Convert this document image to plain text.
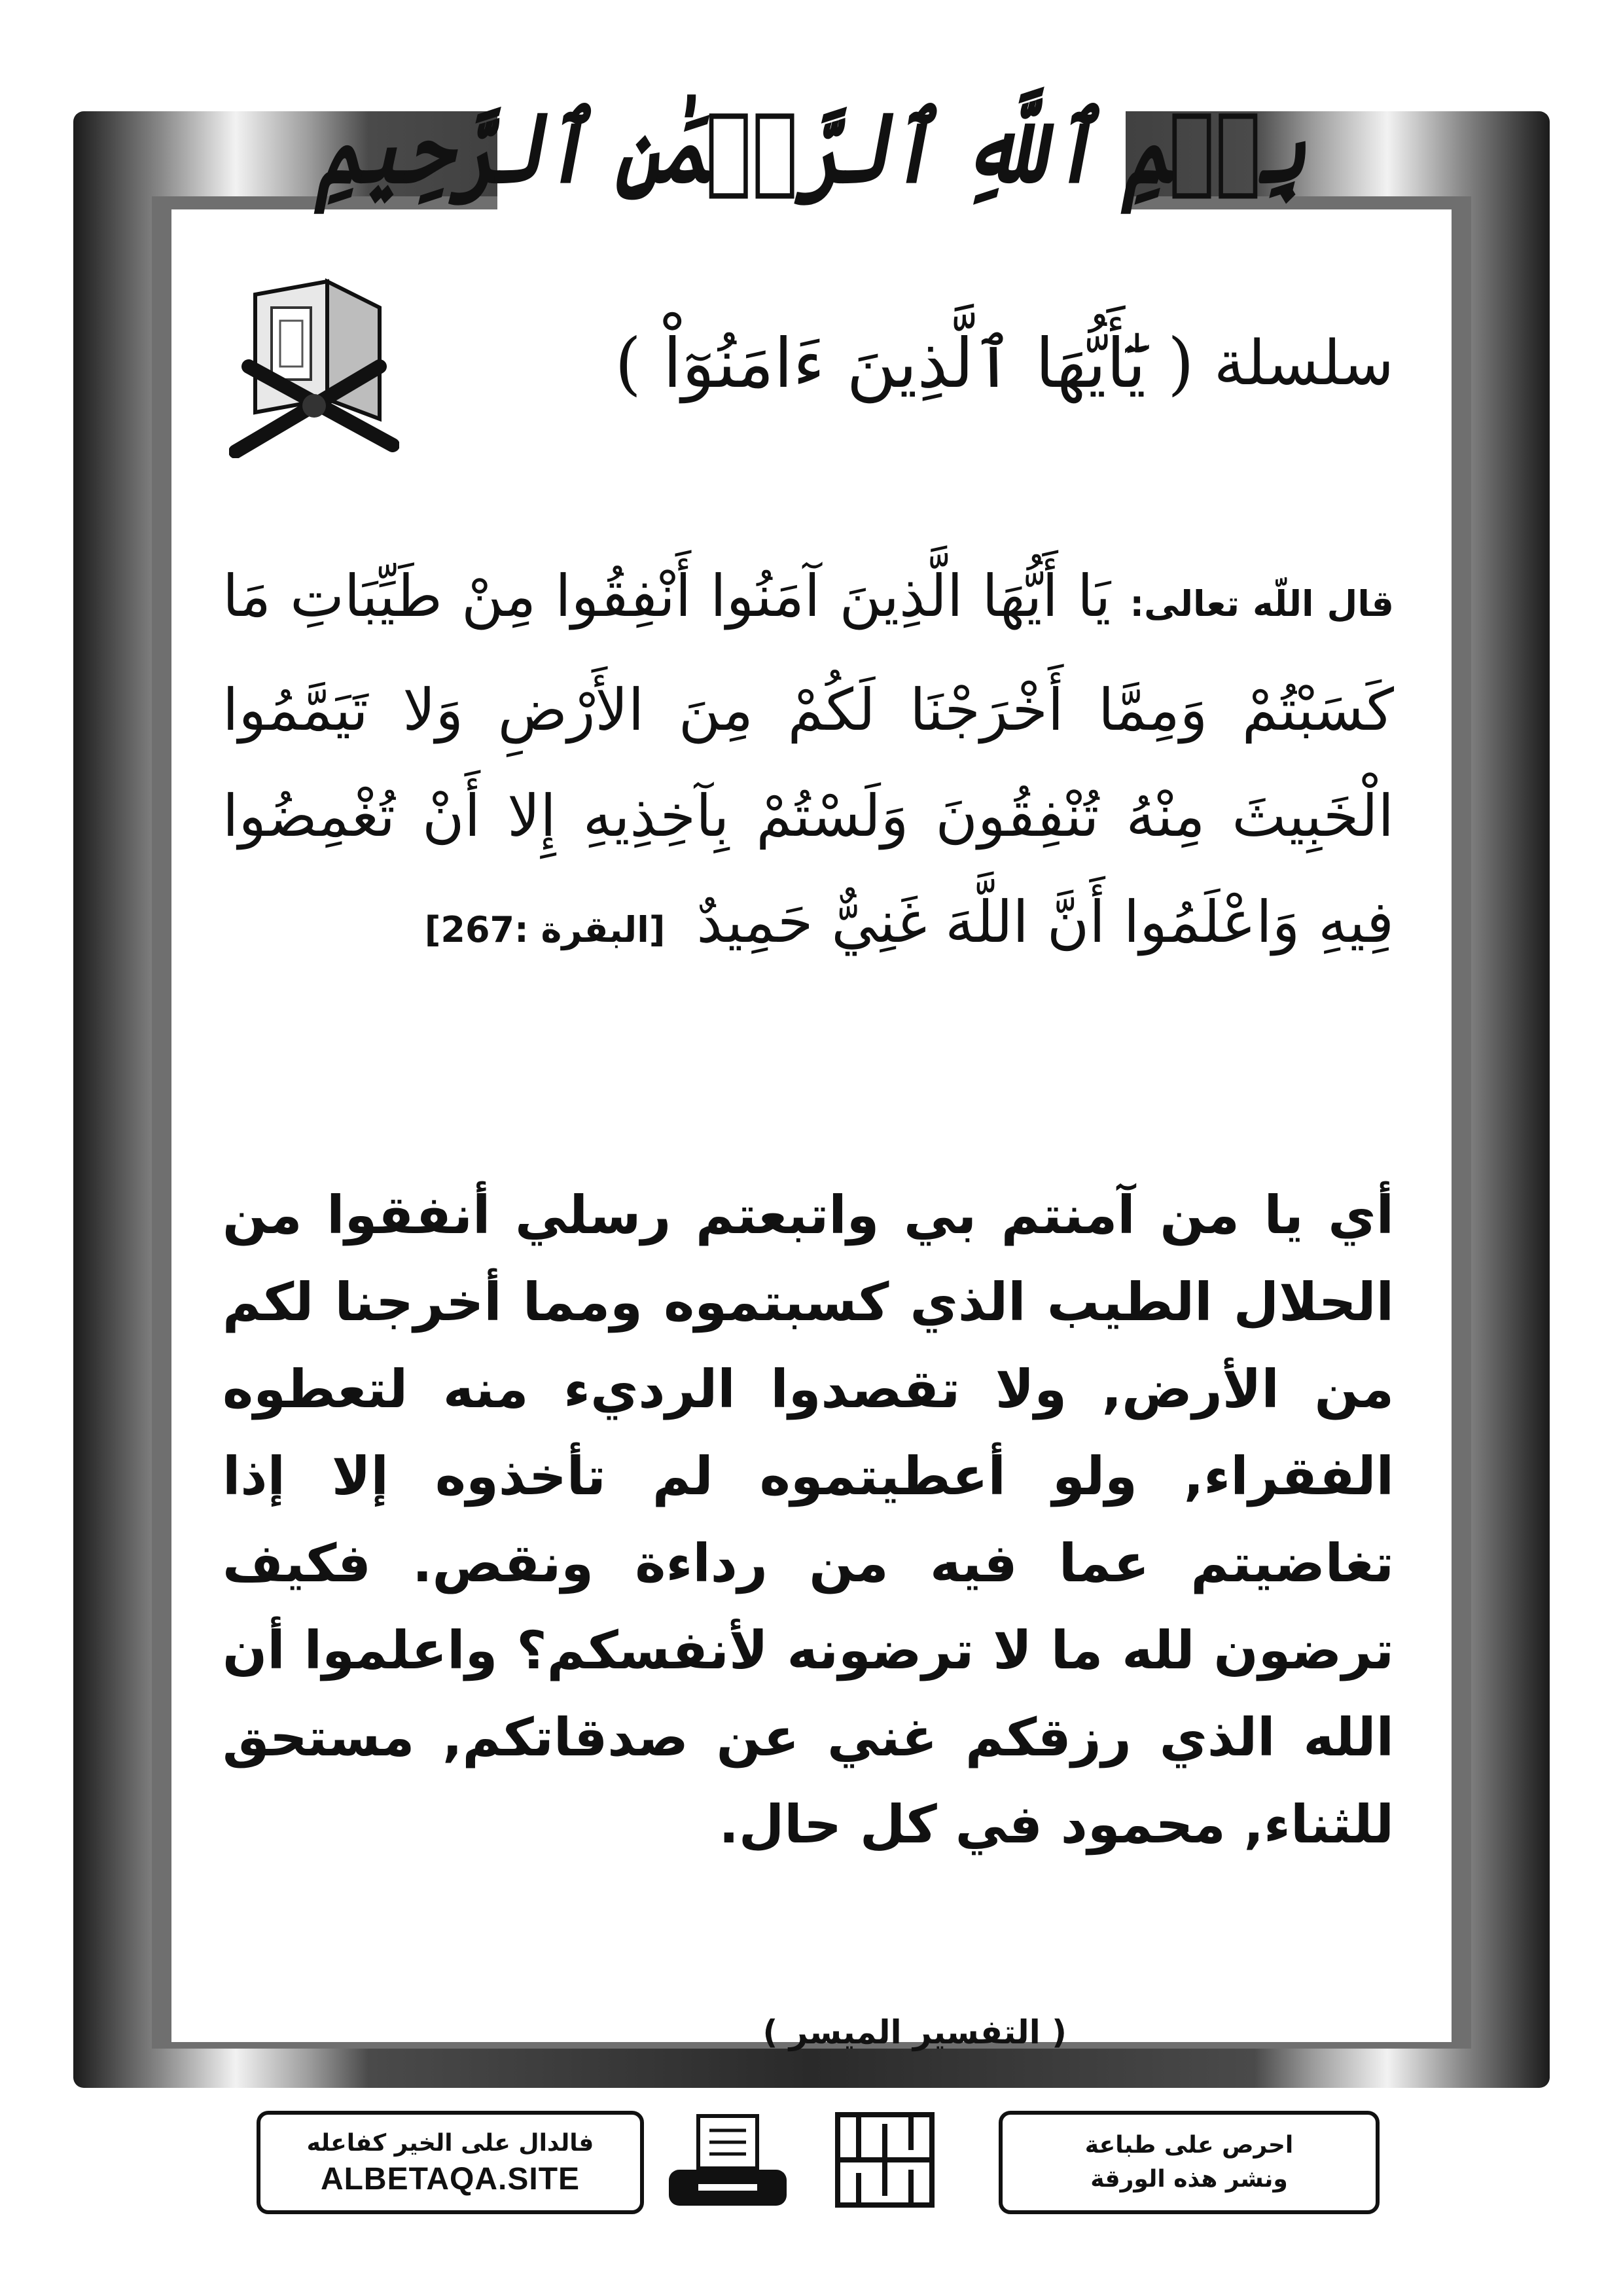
بِسۡمِ ٱللَّهِ ٱلرَّحۡمَٰنِ ٱلرَّحِيمِ
سلسلة
( يَٰٓأَيُّهَا ٱلَّذِينَ ءَامَنُوٓاْ )
قال اللّه تعالى: يَا أَيُّهَا الَّذِينَ آمَنُوا أَنْفِقُوا مِنْ طَيِّبَاتِ مَا كَسَبْتُمْ وَمِمَّا أَخْرَجْنَا لَكُمْ مِنَ الأَرْضِ وَلا تَيَمَّمُوا الْخَبِيثَ مِنْهُ تُنْفِقُونَ وَلَسْتُمْ بِآخِذِيهِ إِلا أَنْ تُغْمِضُوا فِيهِ وَاعْلَمُوا أَنَّ اللَّهَ غَنِيٌّ حَمِيدٌ [البقرة :267]
أي يا من آمنتم بي واتبعتم رسلي أنفقوا من الحلال الطيب الذي كسبتموه ومما أخرجنا لكم من الأرض, ولا تقصدوا الرديء منه لتعطوه الفقراء, ولو أعطيتموه لم تأخذوه إلا إذا تغاضيتم عما فيه من رداءة ونقص. فكيف ترضون لله ما لا ترضونه لأنفسكم؟ واعلموا أن الله الذي رزقكم غني عن صدقاتكم, مستحق للثناء, محمود في كل حال.
( التفسير الميسر )
فالدال على الخير كفاعله
ALBETAQA.SITE
احرص على طباعة
ونشر هذه الورقة
